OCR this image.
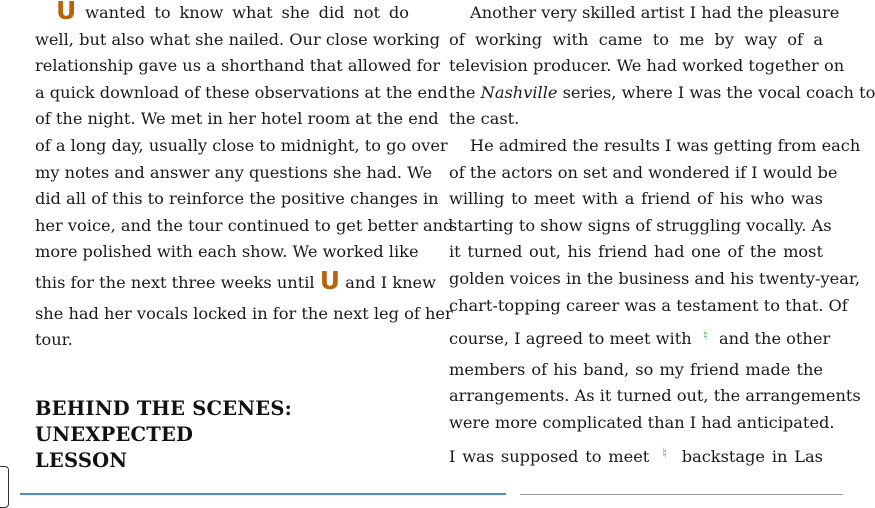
U wanted to know what she did not do
well, but also what she nailed. Our close working
relationship gave us a shorthand that allowed for
a quick download of these observations at the end
of the night. We met in her hotel room at the end
of a long day, usually close to midnight, to go over
my notes and answer any questions she had. We
did all of this to reinforce the positive changes in
her voice, and the tour continued to get better and
more polished with each show. We worked like
this for the next three weeks until U and I knew
she had her vocals locked in for the next leg of her
tour.

BEHIND THE SCENES: UNEXPECTED
LESSON

Another very skilled artist I had the pleasure
of working with came to me by way of a
television producer. We had worked together on
the Nashville series, where I was the vocal coach to
the cast.

He admired the results I was getting from each
of the actors on set and wondered if I would be
willing to meet with a friend of his who was
starting to show signs of struggling vocally. As
it turned out, his friend had one of the most
golden voices in the business and his twenty-year,
chart-topping career was a testament to that. Of
course, I agreed to meet with ♮ and the other
members of his band, so my friend made the
arrangements. As it turned out, the arrangements
were more complicated than I had anticipated.
I was supposed to meet ♮ backstage in Las
